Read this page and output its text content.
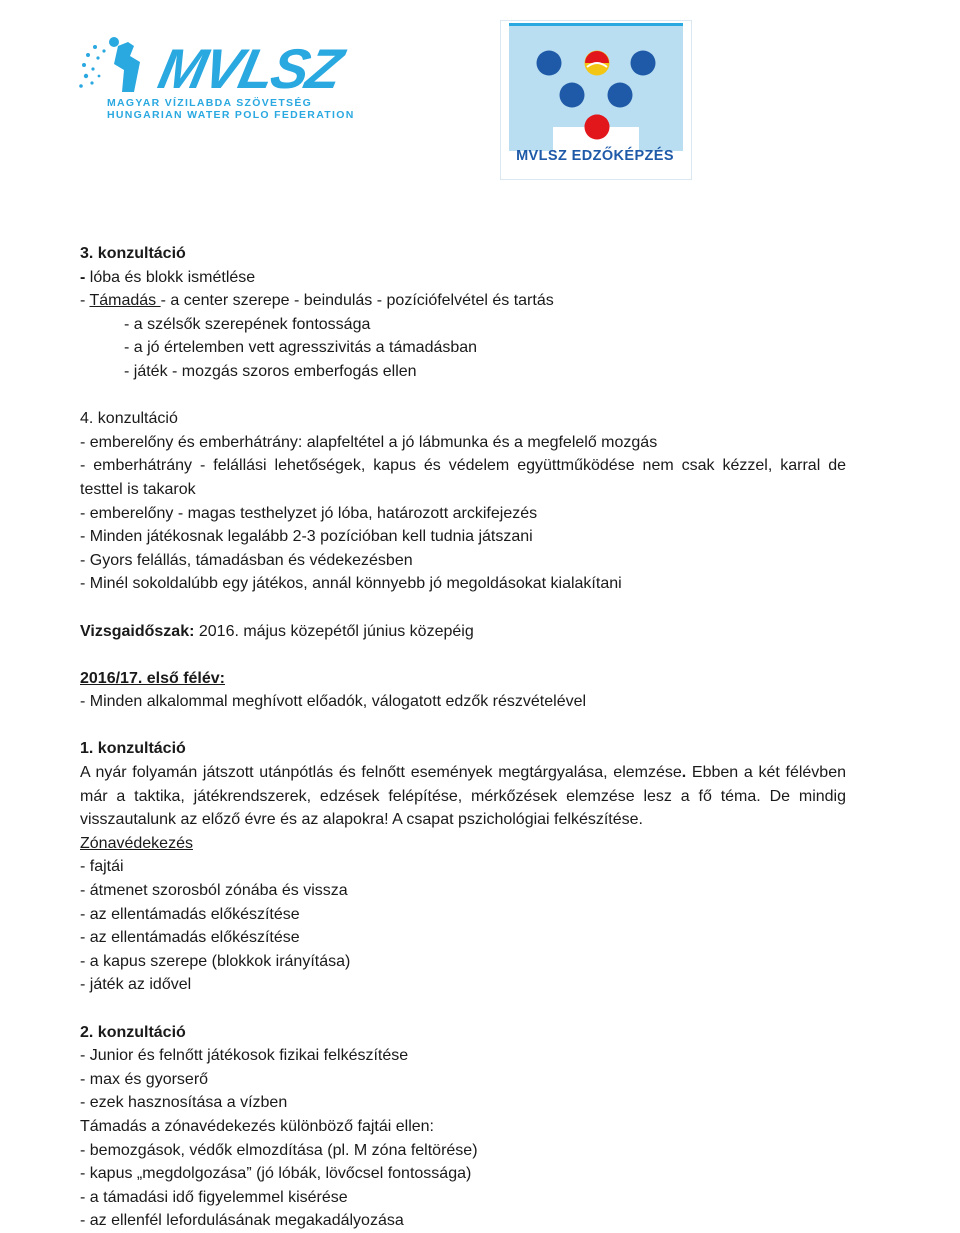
MVLSZ
MAGYAR VÍZILABDA SZÖVETSÉG
HUNGARIAN WATER POLO FEDERATION
MVLSZ EDZŐKÉPZÉS
3. konzultáció
- lóba és blokk ismétlése
- Támadás - a center szerepe - beindulás - pozíciófelvétel és tartás
- a szélsők szerepének fontossága
- a jó értelemben vett agresszivitás a támadásban
- játék - mozgás szoros emberfogás ellen
4. konzultáció
- emberelőny és emberhátrány: alapfeltétel a jó lábmunka és a megfelelő mozgás
- emberhátrány - felállási lehetőségek, kapus és védelem együttműködése nem csak kézzel, karral de testtel is takarok
- emberelőny - magas testhelyzet jó lóba, határozott arckifejezés
- Minden játékosnak legalább 2-3 pozícióban kell tudnia játszani
- Gyors felállás, támadásban és védekezésben
- Minél sokoldalúbb egy játékos, annál könnyebb jó megoldásokat kialakítani
Vizsgaidőszak: 2016. május közepétől június közepéig
2016/17. első félév:
- Minden alkalommal meghívott előadók, válogatott edzők részvételével
1. konzultáció
A nyár folyamán játszott utánpótlás és felnőtt események megtárgyalása, elemzése. Ebben a két félévben már a taktika, játékrendszerek, edzések felépítése, mérkőzések elemzése lesz a fő téma. De mindig visszautalunk az előző évre és az alapokra! A csapat pszichológiai felkészítése.
Zónavédekezés
- fajtái
- átmenet szorosból zónába és vissza
- az ellentámadás előkészítése
- az ellentámadás előkészítése
- a kapus szerepe (blokkok irányítása)
- játék az idővel
2. konzultáció
- Junior és felnőtt játékosok fizikai felkészítése
- max és gyorserő
- ezek hasznosítása a vízben
Támadás a zónavédekezés különböző fajtái ellen:
- bemozgások, védők elmozdítása (pl. M zóna feltörése)
- kapus „megdolgozása” (jó lóbák, lövőcsel fontossága)
- a támadási idő figyelemmel kisérése
- az ellenfél lefordulásának megakadályozása
